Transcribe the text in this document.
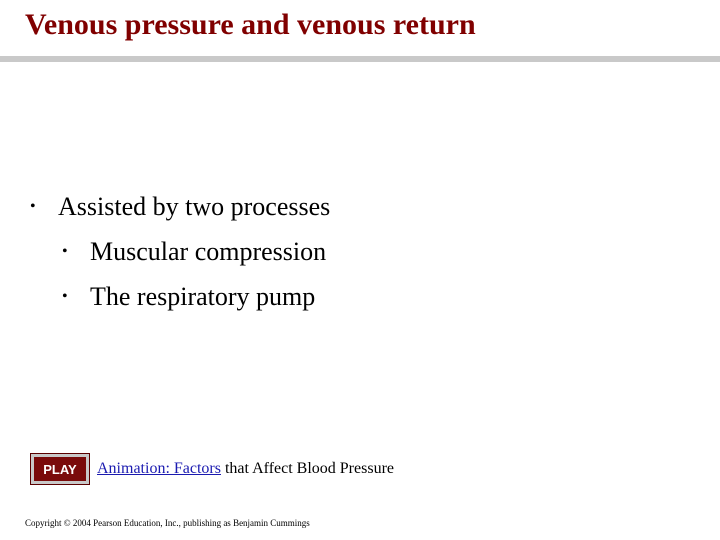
Venous pressure and venous return
• Assisted by two processes
• Muscular compression
• The respiratory pump
PLAY Animation: Factors that Affect Blood Pressure
Copyright © 2004 Pearson Education, Inc., publishing as Benjamin Cummings
